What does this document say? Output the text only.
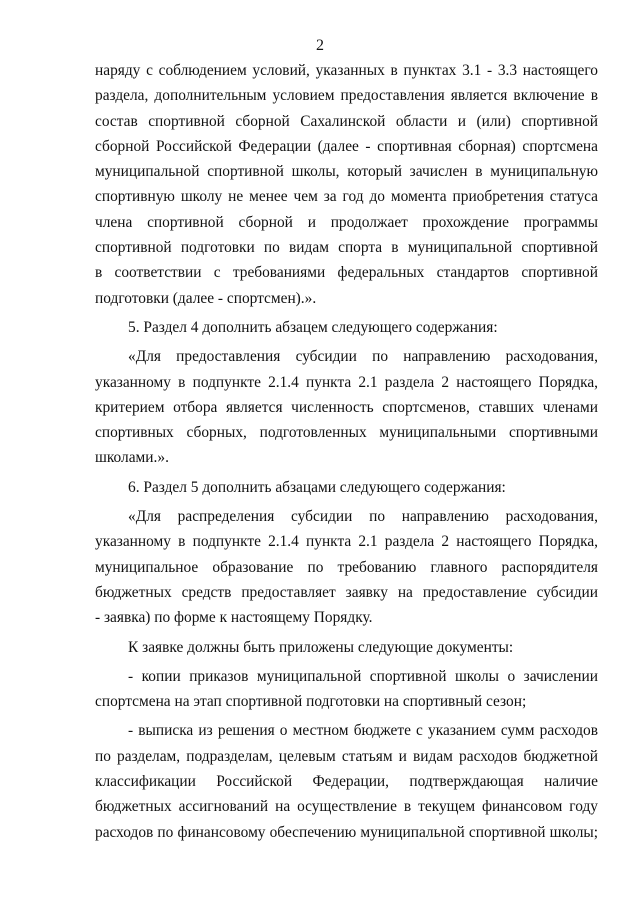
2
наряду с соблюдением условий, указанных в пунктах 3.1 - 3.3 настоящего
раздела, дополнительным условием предоставления является включение в
состав спортивной сборной Сахалинской области и (или) спортивной
сборной Российской Федерации (далее - спортивная сборная) спортсмена
муниципальной спортивной школы, который зачислен в муниципальную
спортивную школу не менее чем за год до момента приобретения статуса
члена спортивной сборной и продолжает прохождение программы
спортивной подготовки по видам спорта в муниципальной спортивной
в соответствии с требованиями федеральных стандартов спортивной
подготовки (далее - спортсмен).».
5. Раздел 4 дополнить абзацем следующего содержания:
«Для предоставления субсидии по направлению расходования,
указанному в подпункте 2.1.4 пункта 2.1 раздела 2 настоящего Порядка,
критерием отбора является численность спортсменов, ставших членами
спортивных сборных, подготовленных муниципальными спортивными
школами.».
6. Раздел 5 дополнить абзацами следующего содержания:
«Для распределения субсидии по направлению расходования,
указанному в подпункте 2.1.4 пункта 2.1 раздела 2 настоящего Порядка,
муниципальное образование по требованию главного распорядителя
бюджетных средств предоставляет заявку на предоставление субсидии
- заявка) по форме к настоящему Порядку.
К заявке должны быть приложены следующие документы:
- копии приказов муниципальной спортивной школы о зачислении
спортсмена на этап спортивной подготовки на спортивный сезон;
- выписка из решения о местном бюджете с указанием сумм расходов
по разделам, подразделам, целевым статьям и видам расходов бюджетной
классификации Российской Федерации, подтверждающая наличие
бюджетных ассигнований на осуществление в текущем финансовом году
расходов по финансовому обеспечению муниципальной спортивной школы;
